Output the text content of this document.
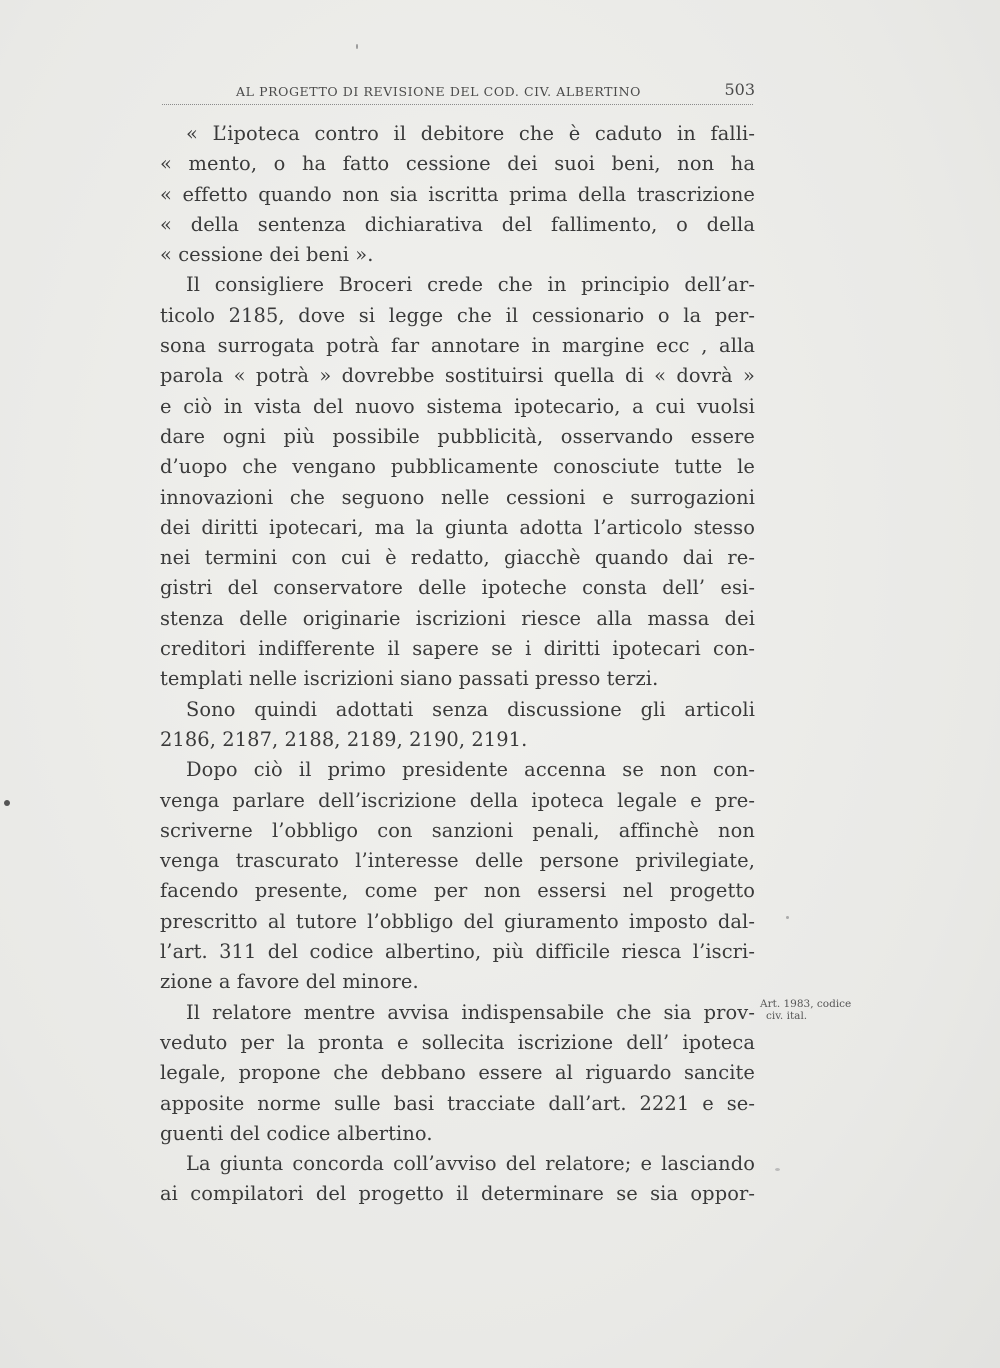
AL PROGETTO DI REVISIONE DEL COD. CIV. ALBERTINO	503
« L’ipoteca contro il debitore che è caduto in falli-
« mento, o ha fatto cessione dei suoi beni, non ha
« effetto quando non sia iscritta prima della trascrizione
« della sentenza dichiarativa del fallimento, o della
« cessione dei beni ».
Il consigliere Broceri crede che in principio dell’ar-
ticolo 2185, dove si legge che il cessionario o la per-
sona surrogata potrà far annotare in margine ecc , alla
parola « potrà » dovrebbe sostituirsi quella di « dovrà »
e ciò in vista del nuovo sistema ipotecario, a cui vuolsi
dare ogni più possibile pubblicità, osservando essere
d’uopo che vengano pubblicamente conosciute tutte le
innovazioni che seguono nelle cessioni e surrogazioni
dei diritti ipotecari, ma la giunta adotta l’articolo stesso
nei termini con cui è redatto, giacchè quando dai re-
gistri del conservatore delle ipoteche consta dell’ esi-
stenza delle originarie iscrizioni riesce alla massa dei
creditori indifferente il sapere se i diritti ipotecari con-
templati nelle iscrizioni siano passati presso terzi.
Sono quindi adottati senza discussione gli articoli
2186, 2187, 2188, 2189, 2190, 2191.
Dopo ciò il primo presidente accenna se non con-
venga parlare dell’iscrizione della ipoteca legale e pre-
scriverne l’obbligo con sanzioni penali, affinchè non
venga trascurato l’interesse delle persone privilegiate,
facendo presente, come per non essersi nel progetto
prescritto al tutore l’obbligo del giuramento imposto dal-
l’art. 311 del codice albertino, più difficile riesca l’iscri-
zione a favore del minore.
Il relatore mentre avvisa indispensabile che sia prov-
veduto per la pronta e sollecita iscrizione dell’ ipoteca
legale, propone che debbano essere al riguardo sancite
apposite norme sulle basi tracciate dall’art. 2221 e se-
guenti del codice albertino.
La giunta concorda coll’avviso del relatore; e lasciando
ai compilatori del progetto il determinare se sia oppor-
Art. 1983, codice
civ. ital.
